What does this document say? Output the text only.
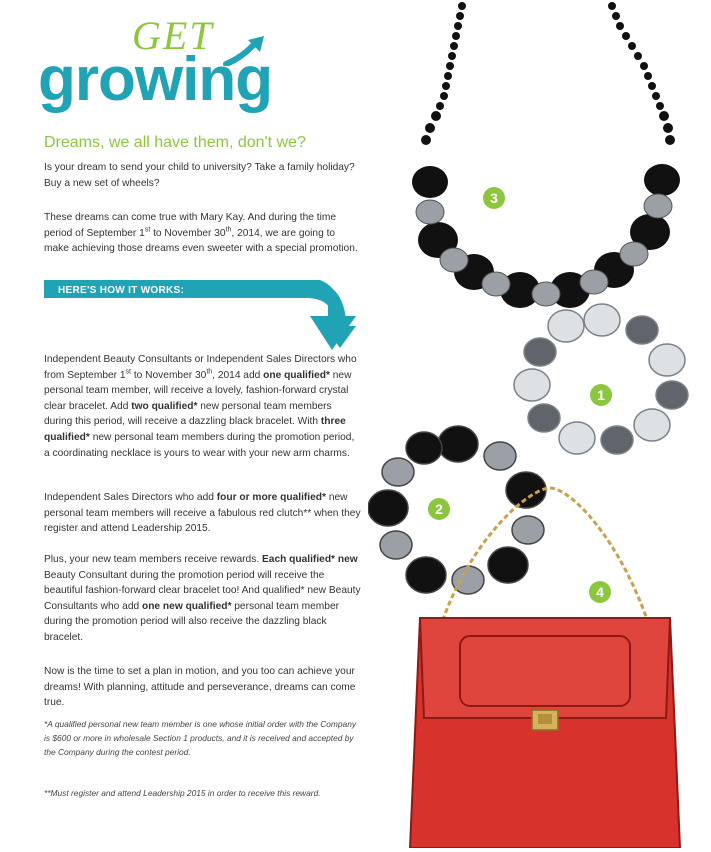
GET
growing
Dreams, we all have them, don't we?

Is your dream to send your child to university? Take a family holiday? Buy a new set of wheels?

These dreams can come true with Mary Kay. And during the time period of September 1st to November 30th, 2014, we are going to make achieving those dreams even sweeter with a special promotion.

HERE'S HOW IT WORKS:

Independent Beauty Consultants or Independent Sales Directors who from September 1st to November 30th, 2014 add one qualified* new personal team member, will receive a lovely, fashion-forward crystal clear bracelet. Add two qualified* new personal team members during this period, will receive a dazzling black bracelet. With three qualified* new personal team members during the promotion period, a coordinating necklace is yours to wear with your new arm charms.

Independent Sales Directors who add four or more qualified* new personal team members will receive a fabulous red clutch** when they register and attend Leadership 2015.

Plus, your new team members receive rewards. Each qualified* new Beauty Consultant during the promotion period will receive the beautiful fashion-forward clear bracelet too! And qualified* new Beauty Consultants who add one new qualified* personal team member during the promotion period will also receive the dazzling black bracelet.

Now is the time to set a plan in motion, and you too can achieve your dreams! With planning, attitude and perseverance, dreams can come true.

*A qualified personal new team member is one whose initial order with the Company is $600 or more in wholesale Section 1 products, and it is received and accepted by the Company during the contest period.

**Must register and attend Leadership 2015 in order to receive this reward.

3
1
2
4
